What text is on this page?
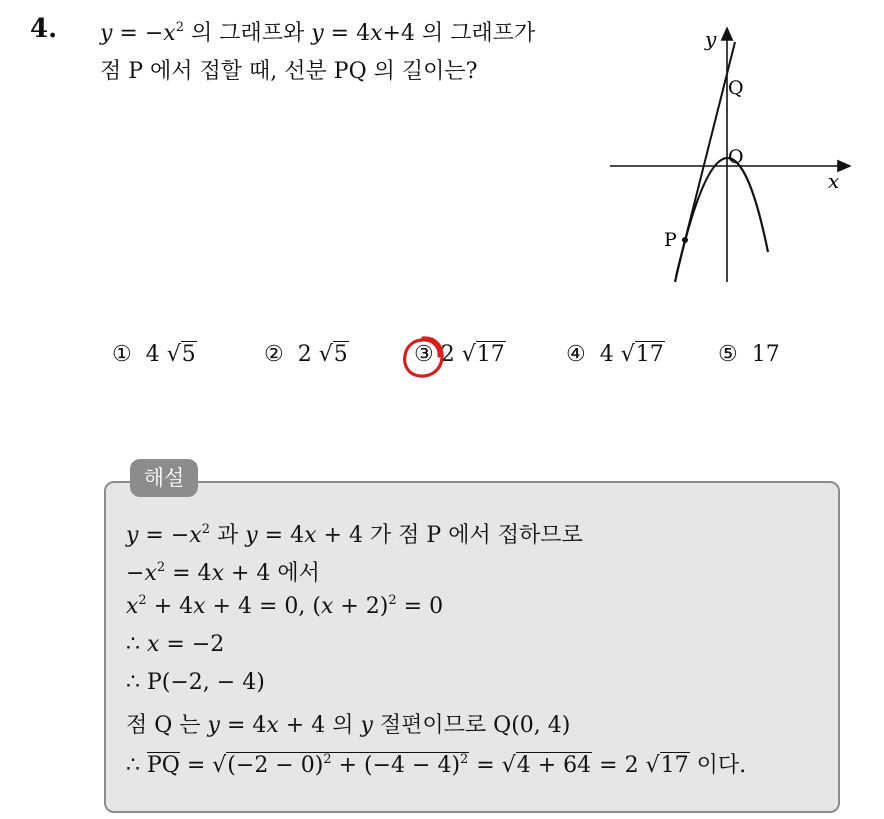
4. $y = -x^2$ 의 그래프와 y = 4x+4 의 그래프가
점 P 에서 접할 때, 선분 PQ 의 길이는?
y
x
Q
O
P
① 4 √5	② 2 √5	③ 2 √17	④ 4 √17 ⑤ 17
해설
$y = -x^2$ 과 y = 4x + 4 가 점 P 에서 접하므로
$-x^2 = 4x + 4$ 에서
$x^2 + 4x + 4 = 0$, $(x + 2)^2 = 0$
∴ x = −2
∴ P(−2, − 4)
점 Q 는 y = 4x + 4 의 y 절편이므로 Q(0, 4)
∴ PQ = $√(-2 - 0)^2 + (-4 - 4)^2 = √4 + 64 = 2$ √17 이다.
